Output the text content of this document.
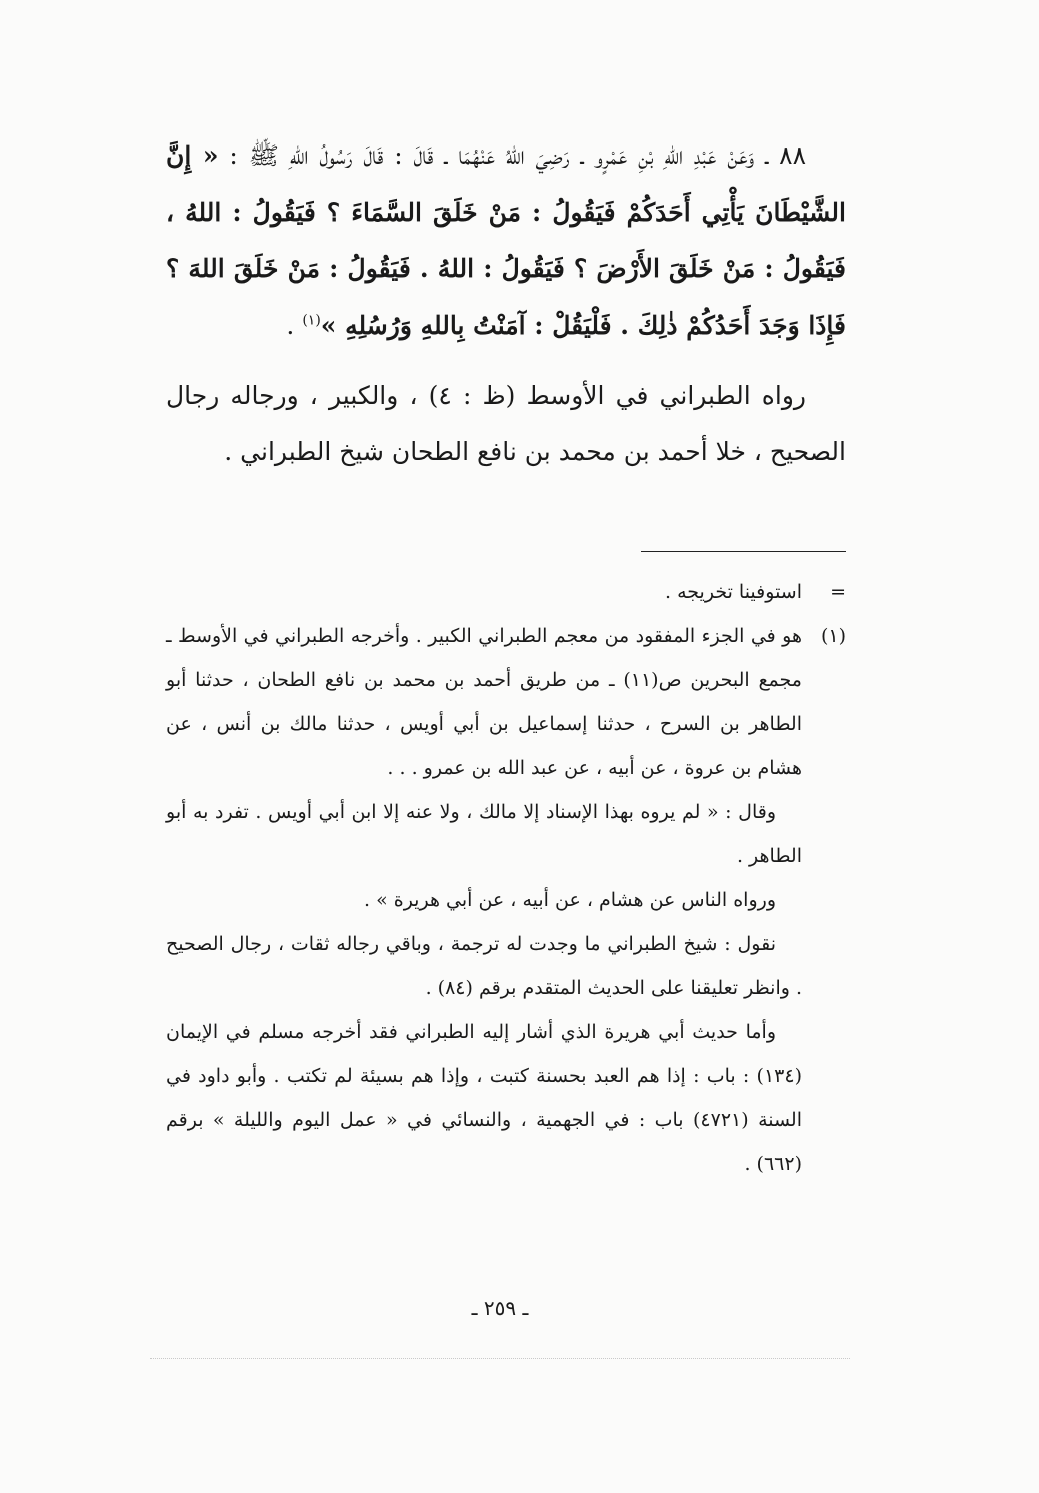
٨٨ ـ وَعَنْ عَبْدِ اللهِ بْنِ عَمْرٍو ـ رَضِيَ اللهُ عَنْهُمَا ـ قَالَ : قَالَ رَسُولُ اللهِ ﷺ : « إِنَّ الشَّيْطَانَ يَأْتِي أَحَدَكُمْ فَيَقُولُ : مَنْ خَلَقَ السَّمَاءَ ؟ فَيَقُولُ : اللهُ ، فَيَقُولُ : مَنْ خَلَقَ الأَرْضَ ؟ فَيَقُولُ : اللهُ . فَيَقُولُ : مَنْ خَلَقَ اللهَ ؟ فَإِذَا وَجَدَ أَحَدُكُمْ ذٰلِكَ . فَلْيَقُلْ : آمَنْتُ بِاللهِ وَرُسُلِهِ »$^{(١)}$ .

رواه الطبراني في الأوسط (ظ : ٤) ، والكبير ، ورجاله رجال الصحيح ، خلا أحمد بن محمد بن نافع الطحان شيخ الطبراني .

=
استوفينا تخريجه .

(١)
هو في الجزء المفقود من معجم الطبراني الكبير . وأخرجه الطبراني في الأوسط ـ مجمع البحرين ص(١١) ـ من طريق أحمد بن محمد بن نافع الطحان ، حدثنا أبو الطاهر بن السرح ، حدثنا إسماعيل بن أبي أويس ، حدثنا مالك بن أنس ، عن هشام بن عروة ، عن أبيه ، عن عبد الله بن عمرو . . .

وقال : « لم يروه بهذا الإسناد إلا مالك ، ولا عنه إلا ابن أبي أويس . تفرد به أبو الطاهر .

ورواه الناس عن هشام ، عن أبيه ، عن أبي هريرة » .

نقول : شيخ الطبراني ما وجدت له ترجمة ، وباقي رجاله ثقات ، رجال الصحيح . وانظر تعليقنا على الحديث المتقدم برقم (٨٤) .

وأما حديث أبي هريرة الذي أشار إليه الطبراني فقد أخرجه مسلم في الإيمان (١٣٤) : باب : إذا هم العبد بحسنة كتبت ، وإذا هم بسيئة لم تكتب . وأبو داود في السنة (٤٧٢١) باب : في الجهمية ، والنسائي في « عمل اليوم والليلة » برقم (٦٦٢) .

ـ ٢٥٩ ـ
